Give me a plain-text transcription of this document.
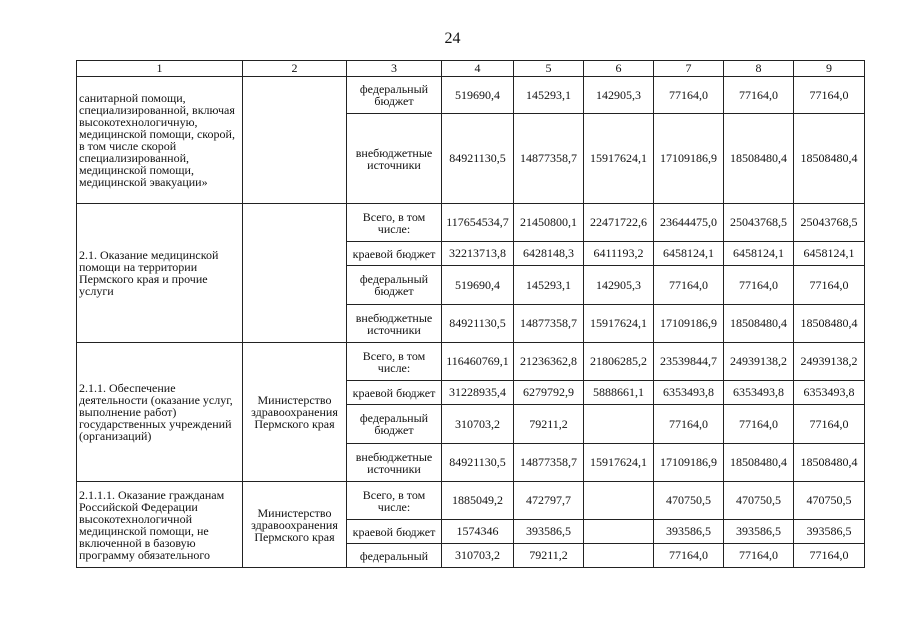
24
1	2	3	4	5	6	7	8	9
санитарной помощи, специализированной, включая высокотехнологичную, медицинской помощи, скорой, в том числе скорой специализированной, медицинской помощи, медицинской эвакуации»		федеральный бюджет	519690,4	145293,1	142905,3	77164,0	77164,0	77164,0
		внебюджетные источники	84921130,5	14877358,7	15917624,1	17109186,9	18508480,4	18508480,4
2.1. Оказание медицинской помощи на территории Пермского края и прочие услуги		Всего, в том числе:	117654534,7	21450800,1	22471722,6	23644475,0	25043768,5	25043768,5
		краевой бюджет	32213713,8	6428148,3	6411193,2	6458124,1	6458124,1	6458124,1
		федеральный бюджет	519690,4	145293,1	142905,3	77164,0	77164,0	77164,0
		внебюджетные источники	84921130,5	14877358,7	15917624,1	17109186,9	18508480,4	18508480,4
2.1.1. Обеспечение деятельности (оказание услуг, выполнение работ) государственных учреждений (организаций)	Министерство здравоохранения Пермского края	Всего, в том числе:	116460769,1	21236362,8	21806285,2	23539844,7	24939138,2	24939138,2
		краевой бюджет	31228935,4	6279792,9	5888661,1	6353493,8	6353493,8	6353493,8
		федеральный бюджет	310703,2	79211,2		77164,0	77164,0	77164,0
		внебюджетные источники	84921130,5	14877358,7	15917624,1	17109186,9	18508480,4	18508480,4
2.1.1.1. Оказание гражданам Российской Федерации высокотехнологичной медицинской помощи, не включенной в базовую программу обязательного	Министерство здравоохранения Пермского края	Всего, в том числе:	1885049,2	472797,7		470750,5	470750,5	470750,5
		краевой бюджет	1574346	393586,5		393586,5	393586,5	393586,5
		федеральный	310703,2	79211,2		77164,0	77164,0	77164,0
